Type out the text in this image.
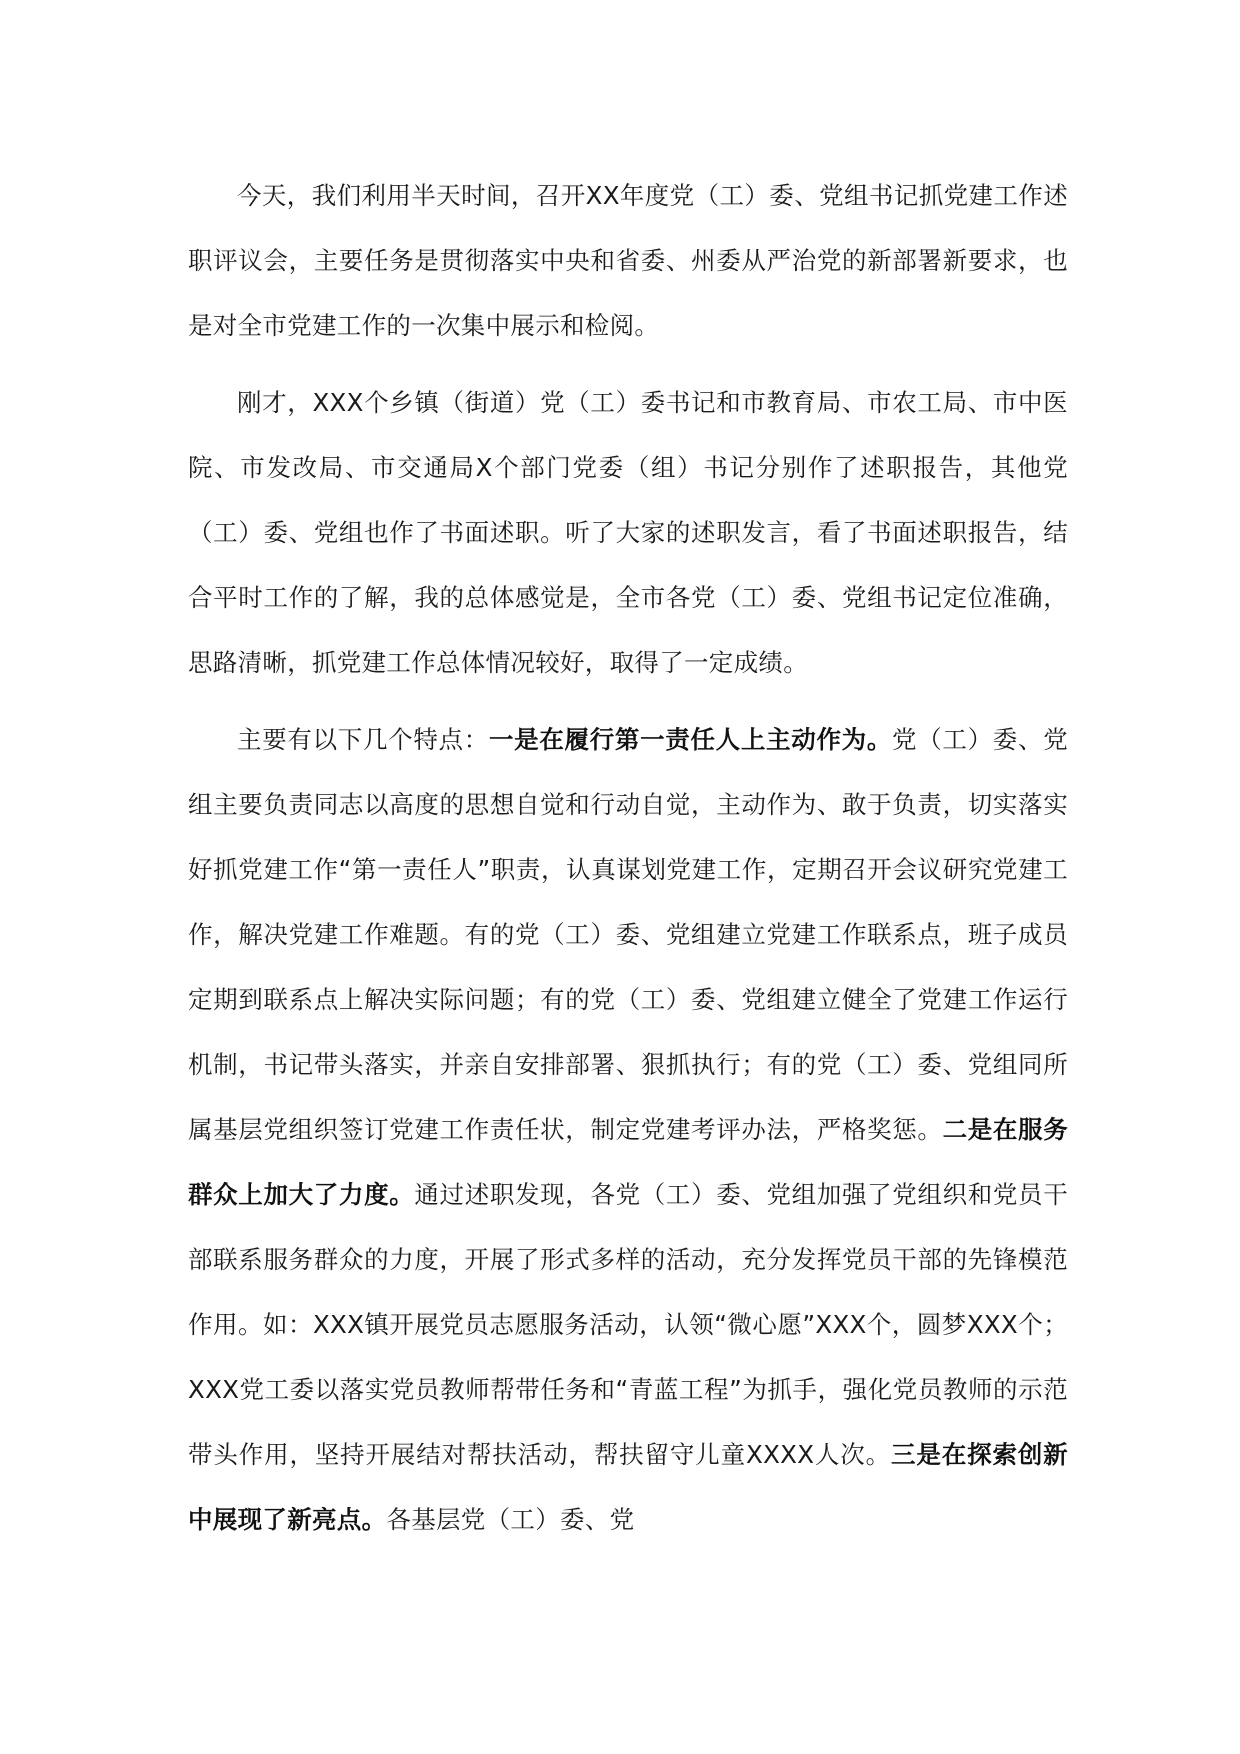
今天，我们利用半天时间，召开XX年度党（工）委、党组书记抓党建工作述职评议会，主要任务是贯彻落实中央和省委、州委从严治党的新部署新要求，也是对全市党建工作的一次集中展示和检阅。

刚才，XXX个乡镇（街道）党（工）委书记和市教育局、市农工局、市中医院、市发改局、市交通局X个部门党委（组）书记分别作了述职报告，其他党（工）委、党组也作了书面述职。听了大家的述职发言，看了书面述职报告，结合平时工作的了解，我的总体感觉是，全市各党（工）委、党组书记定位准确，思路清晰，抓党建工作总体情况较好，取得了一定成绩。

主要有以下几个特点：一是在履行第一责任人上主动作为。党（工）委、党组主要负责同志以高度的思想自觉和行动自觉，主动作为、敢于负责，切实落实好抓党建工作“第一责任人”职责，认真谋划党建工作，定期召开会议研究党建工作，解决党建工作难题。有的党（工）委、党组建立党建工作联系点，班子成员定期到联系点上解决实际问题；有的党（工）委、党组建立健全了党建工作运行机制，书记带头落实，并亲自安排部署、狠抓执行；有的党（工）委、党组同所属基层党组织签订党建工作责任状，制定党建考评办法，严格奖惩。二是在服务群众上加大了力度。通过述职发现，各党（工）委、党组加强了党组织和党员干部联系服务群众的力度，开展了形式多样的活动，充分发挥党员干部的先锋模范作用。如：XXX镇开展党员志愿服务活动，认领“微心愿”XXX个，圆梦XXX个；XXX党工委以落实党员教师帮带任务和“青蓝工程”为抓手，强化党员教师的示范带头作用，坚持开展结对帮扶活动，帮扶留守儿童XXXX人次。三是在探索创新中展现了新亮点。各基层党（工）委、党
